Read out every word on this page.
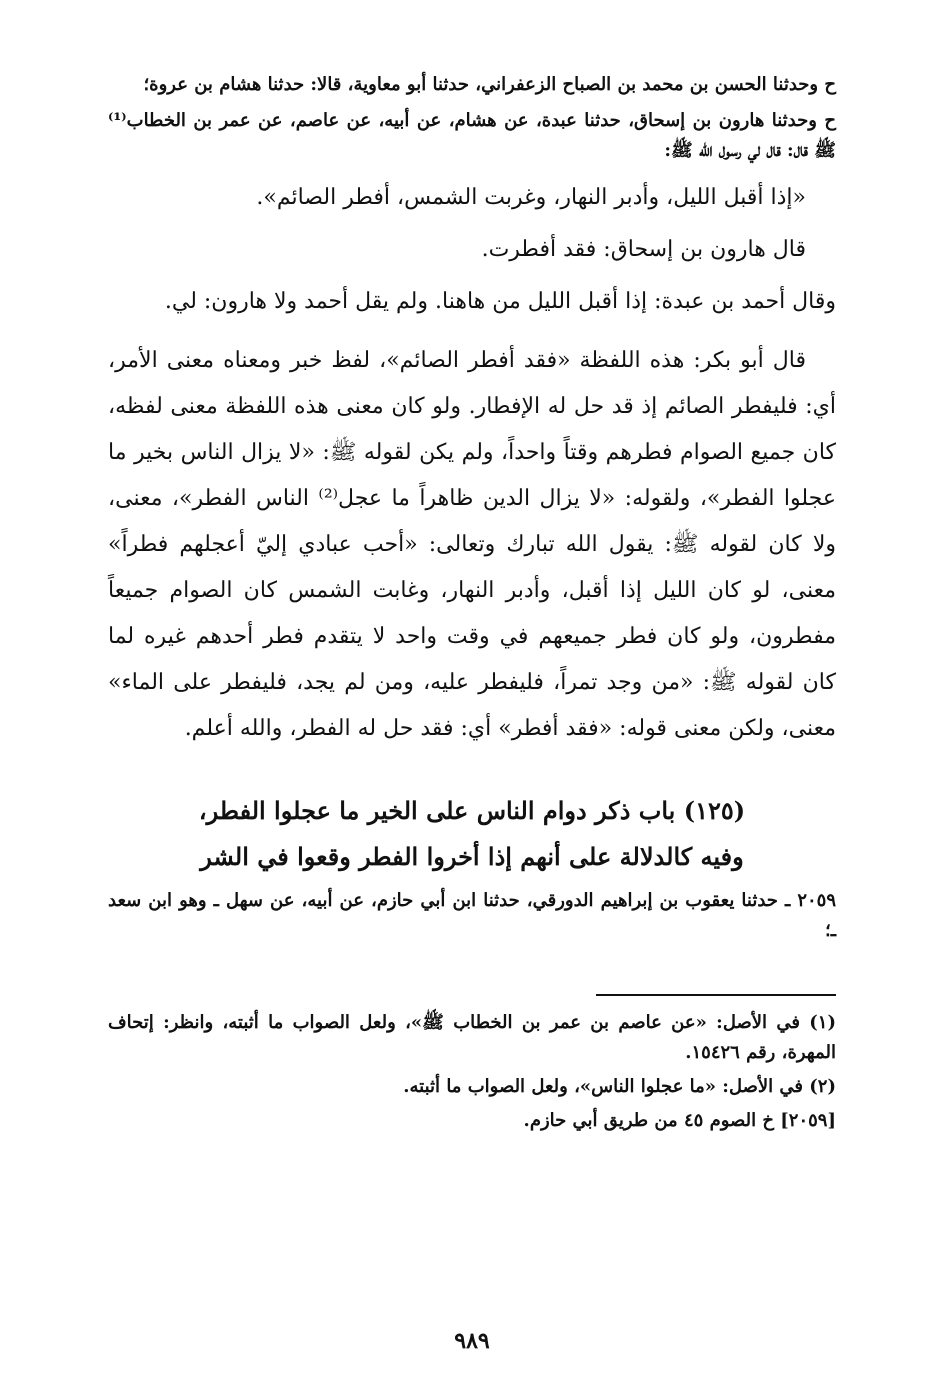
ح وحدثنا الحسن بن محمد بن الصباح الزعفراني، حدثنا أبو معاوية، قالا: حدثنا هشام بن عروة؛

ح وحدثنا هارون بن إسحاق، حدثنا عبدة، عن هشام، عن أبيه، عن عاصم، عن عمر بن الخطاب⁽¹⁾ ﷺ قال: قال لي رسول الله ﷺ:

«إذا أقبل الليل، وأدبر النهار، وغربت الشمس، أفطر الصائم».

قال هارون بن إسحاق: فقد أفطرت.

وقال أحمد بن عبدة: إذا أقبل الليل من هاهنا. ولم يقل أحمد ولا هارون: لي.

قال أبو بكر: هذه اللفظة «فقد أفطر الصائم»، لفظ خبر ومعناه معنى الأمر، أي: فليفطر الصائم إذ قد حل له الإفطار. ولو كان معنى هذه اللفظة معنى لفظه، كان جميع الصوام فطرهم وقتاً واحداً، ولم يكن لقوله ﷺ: «لا يزال الناس بخير ما عجلوا الفطر»، ولقوله: «لا يزال الدين ظاهراً ما عجل⁽²⁾ الناس الفطر»، معنى، ولا كان لقوله ﷺ: يقول الله تبارك وتعالى: «أحب عبادي إليّ أعجلهم فطراً» معنى، لو كان الليل إذا أقبل، وأدبر النهار، وغابت الشمس كان الصوام جميعاً مفطرون، ولو كان فطر جميعهم في وقت واحد لا يتقدم فطر أحدهم غيره لما كان لقوله ﷺ: «من وجد تمراً، فليفطر عليه، ومن لم يجد، فليفطر على الماء» معنى، ولكن معنى قوله: «فقد أفطر» أي: فقد حل له الفطر، والله أعلم.

(١٢٥) باب ذكر دوام الناس على الخير ما عجلوا الفطر،
وفيه كالدلالة على أنهم إذا أخروا الفطر وقعوا في الشر

٢٠٥٩ ـ حدثنا يعقوب بن إبراهيم الدورقي، حدثنا ابن أبي حازم، عن أبيه، عن سهل ـ وهو ابن سعد ـ؛

(١) في الأصل: «عن عاصم بن عمر بن الخطاب ﷺ»، ولعل الصواب ما أثبته، وانظر: إتحاف المهرة، رقم ١٥٤٢٦.

(٢) في الأصل: «ما عجلوا الناس»، ولعل الصواب ما أثبته.

[٢٠٥٩] خ الصوم ٤٥ من طريق أبي حازم.

٩٨٩
